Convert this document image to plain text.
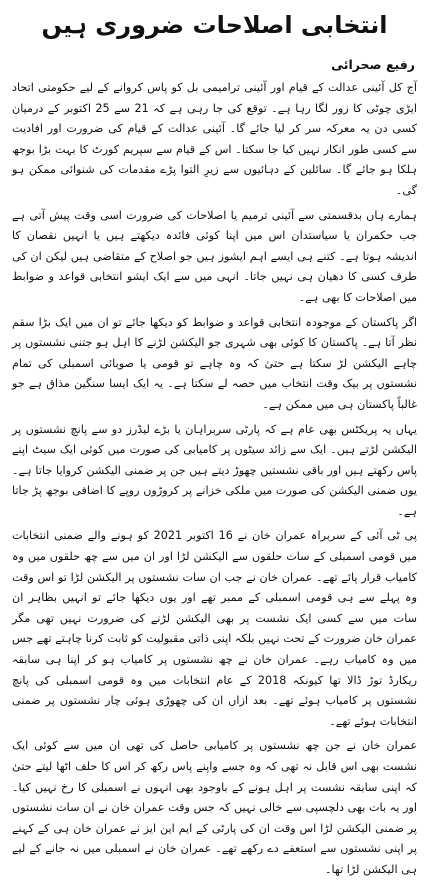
انتخابی اصلاحات ضروری ہیں
رفیع صحرائی

آج کل آئینی عدالت کے قیام اور آئینی ترامیمی بل کو پاس کروانے کے لیے حکومتی اتحاد ایڑی چوٹی کا زور لگا رہا ہے۔ توقع کی جا رہی ہے کہ 21 سے 25 اکتوبر کے درمیان کسی دن یہ معرکہ سر کر لیا جائے گا۔ آئینی عدالت کے قیام کی ضرورت اور افادیت سے کسی طور انکار نہیں کیا جا سکتا۔ اس کے قیام سے سپریم کورٹ کا بہت بڑا بوجھ ہلکا ہو جائے گا۔ سائلین کے دہائیوں سے زیرِ التوا پڑے مقدمات کی شنوائی ممکن ہو گی۔

ہمارے ہاں بدقسمتی سے آئینی ترمیم یا اصلاحات کی ضرورت اسی وقت پیش آتی ہے جب حکمران یا سیاستدان اس میں اپنا کوئی فائدہ دیکھتے ہیں یا انہیں نقصان کا اندیشہ ہوتا ہے۔ کتنے ہی ایسے اہم ایشوز ہیں جو اصلاح کے متقاضی ہیں لیکن ان کی طرف کسی کا دھیان ہی نہیں جاتا۔ انہی میں سے ایک ایشو انتخابی قواعد و ضوابط میں اصلاحات کا بھی ہے۔

اگر پاکستان کے موجودہ انتخابی قواعد و ضوابط کو دیکھا جائے تو ان میں ایک بڑا سقم نظر آتا ہے۔ پاکستان کا کوئی بھی شہری جو الیکشن لڑنے کا اہل ہو جتنی نشستوں پر چاہے الیکشن لڑ سکتا ہے حتیٰ کہ وہ چاہے تو قومی یا صوبائی اسمبلی کی تمام نشستوں پر بیک وقت انتخاب میں حصہ لے سکتا ہے۔ یہ ایک ایسا سنگین مذاق ہے جو غالباً پاکستان ہی میں ممکن ہے۔

یہاں یہ پریکٹس بھی عام ہے کہ پارٹی سربراہان یا بڑے لیڈرز دو سے پانچ نشستوں پر الیکشن لڑتے ہیں۔ ایک سے زائد سیٹوں پر کامیابی کی صورت میں کوئی ایک سیٹ اپنے پاس رکھتے ہیں اور باقی نشستیں چھوڑ دیتے ہیں جن پر ضمنی الیکشن کروایا جاتا ہے۔ یوں ضمنی الیکشن کی صورت میں ملکی خزانے پر کروڑوں روپے کا اضافی بوجھ پڑ جاتا ہے۔

پی ٹی آئی کے سربراہ عمران خان نے 16 اکتوبر 2021 کو ہونے والے ضمنی انتخابات میں قومی اسمبلی کے سات حلقوں سے الیکشن لڑا اور ان میں سے چھ حلقوں میں وہ کامیاب قرار پائے تھے۔ عمران خان نے جب ان سات نشستوں پر الیکشن لڑا تو اس وقت وہ پہلے سے ہی قومی اسمبلی کے ممبر تھے اور یوں دیکھا جائے تو انہیں بظاہر ان سات میں سے کسی ایک نشست پر بھی الیکشن لڑنے کی ضرورت نہیں تھی مگر عمران خان ضرورت کے تحت نہیں بلکہ اپنی ذاتی مقبولیت کو ثابت کرنا چاہتے تھے جس میں وہ کامیاب رہے۔ عمران خان نے چھ نشستوں پر کامیاب ہو کر اپنا ہی سابقہ ریکارڈ توڑ ڈالا تھا کیونکہ 2018 کے عام انتخابات میں وہ قومی اسمبلی کی پانچ نشستوں پر کامیاب ہوئے تھے۔ بعد ازاں ان کی چھوڑی ہوئی چار نشستوں پر ضمنی انتخابات ہوئے تھے۔

عمران خان نے جن چھ نشستوں پر کامیابی حاصل کی تھی ان میں سے کوئی ایک نشست بھی اس قابل نہ تھی کہ وہ جسے واپنے پاس رکھ کر اس کا حلف اٹھا لیتے حتیٰ کہ اپنی سابقہ نشست پر اہل ہونے کے باوجود بھی انہوں نے اسمبلی کا رخ نہیں کیا۔ اور یہ بات بھی دلچسپی سے خالی نہیں کہ جس وقت عمران خان نے ان سات نشستوں پر ضمنی الیکشن لڑا اس وقت ان کی پارٹی کے ایم این ایز نے عمران خان ہی کے کہنے پر اپنی نشستوں سے استعفے دے رکھے تھے۔ عمران خان نے اسمبلی میں نہ جانے کے لیے ہی الیکشن لڑا تھا۔
